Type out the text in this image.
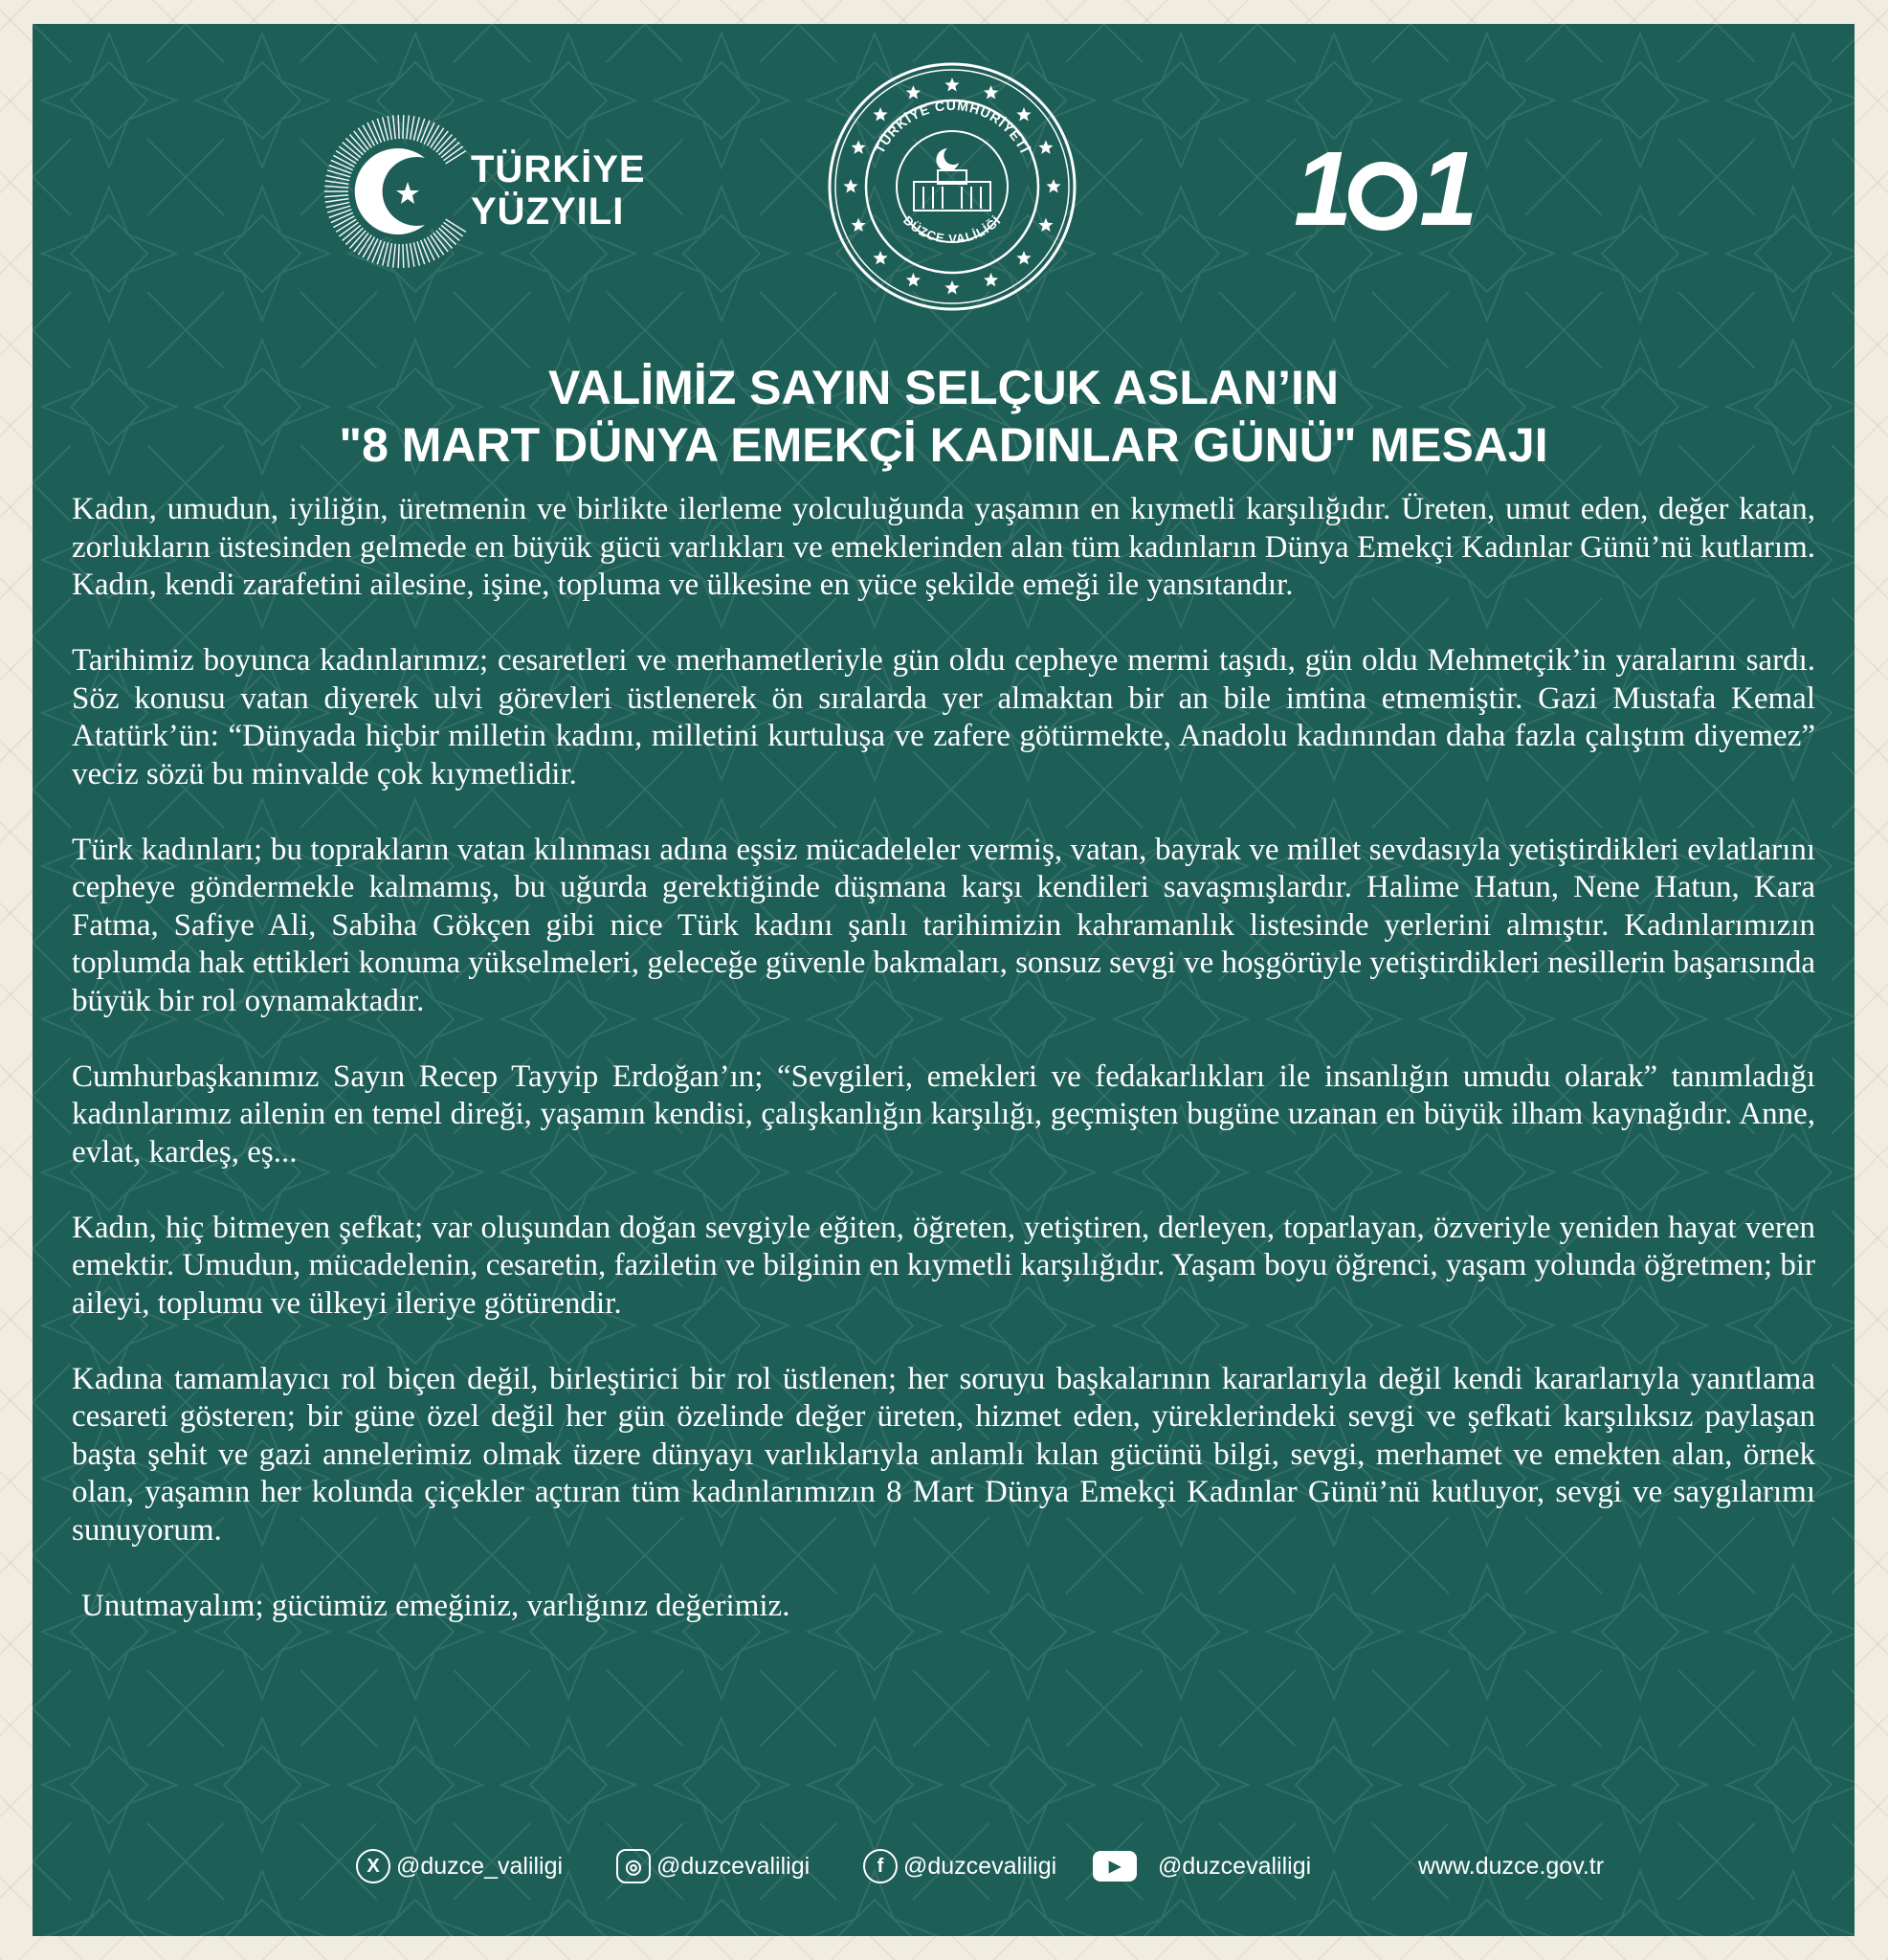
TÜRKİYE
YÜZYILI
TÜRKİYE CUMHURİYETİ
DÜZCE VALİLİĞİ	1 1
VALİMİZ SAYIN SELÇUK ASLAN’IN
"8 MART DÜNYA EMEKÇİ KADINLAR GÜNÜ" MESAJI

Kadın, umudun, iyiliğin, üretmenin ve birlikte ilerleme yolculuğunda yaşamın en kıymetli karşılığıdır. Üreten, umut eden, değer katan, zorlukların üstesinden gelmede en büyük gücü varlıkları ve emeklerinden alan tüm kadınların Dünya Emekçi Kadınlar Günü’nü kutlarım. Kadın, kendi zarafetini ailesine, işine, topluma ve ülkesine en yüce şekilde emeği ile yansıtandır.

Tarihimiz boyunca kadınlarımız; cesaretleri ve merhametleriyle gün oldu cepheye mermi taşıdı, gün oldu Mehmetçik’in yaralarını sardı. Söz konusu vatan diyerek ulvi görevleri üstlenerek ön sıralarda yer almaktan bir an bile imtina etmemiştir. Gazi Mustafa Kemal Atatürk’ün: “Dünyada hiçbir milletin kadını, milletini kurtuluşa ve zafere götürmekte, Anadolu kadınından daha fazla çalıştım diyemez” veciz sözü bu minvalde çok kıymetlidir.

Türk kadınları; bu toprakların vatan kılınması adına eşsiz mücadeleler vermiş, vatan, bayrak ve millet sevdasıyla yetiştirdikleri evlatlarını cepheye göndermekle kalmamış, bu uğurda gerektiğinde düşmana karşı kendileri savaşmışlardır. Halime Hatun, Nene Hatun, Kara Fatma, Safiye Ali, Sabiha Gökçen gibi nice Türk kadını şanlı tarihimizin kahramanlık listesinde yerlerini almıştır. Kadınlarımızın toplumda hak ettikleri konuma yükselmeleri, geleceğe güvenle bakmaları, sonsuz sevgi ve hoşgörüyle yetiştirdikleri nesillerin başarısında büyük bir rol oynamaktadır.

Cumhurbaşkanımız Sayın Recep Tayyip Erdoğan’ın; “Sevgileri, emekleri ve fedakarlıkları ile insanlığın umudu olarak” tanımladığı kadınlarımız ailenin en temel direği, yaşamın kendisi, çalışkanlığın karşılığı, geçmişten bugüne uzanan en büyük ilham kaynağıdır. Anne, evlat, kardeş, eş...

Kadın, hiç bitmeyen şefkat; var oluşundan doğan sevgiyle eğiten, öğreten, yetiştiren, derleyen, toparlayan, özveriyle yeniden hayat veren emektir. Umudun, mücadelenin, cesaretin, faziletin ve bilginin en kıymetli karşılığıdır. Yaşam boyu öğrenci, yaşam yolunda öğretmen; bir aileyi, toplumu ve ülkeyi ileriye götürendir.

Kadına tamamlayıcı rol biçen değil, birleştirici bir rol üstlenen; her soruyu başkalarının kararlarıyla değil kendi kararlarıyla yanıtlama cesareti gösteren; bir güne özel değil her gün özelinde değer üreten, hizmet eden, yüreklerindeki sevgi ve şefkati karşılıksız paylaşan başta şehit ve gazi annelerimiz olmak üzere dünyayı varlıklarıyla anlamlı kılan gücünü bilgi, sevgi, merhamet ve emekten alan, örnek olan, yaşamın her kolunda çiçekler açtıran tüm kadınlarımızın 8 Mart Dünya Emekçi Kadınlar Günü’nü kutluyor, sevgi ve saygılarımı sunuyorum.

Unutmayalım; gücümüz emeğiniz, varlığınız değerimiz.

X @duzce_valiligi	◎ @duzcevaliligi	f @duzcevaliligi	▶	@duzcevaliligi	www.duzce.gov.tr
